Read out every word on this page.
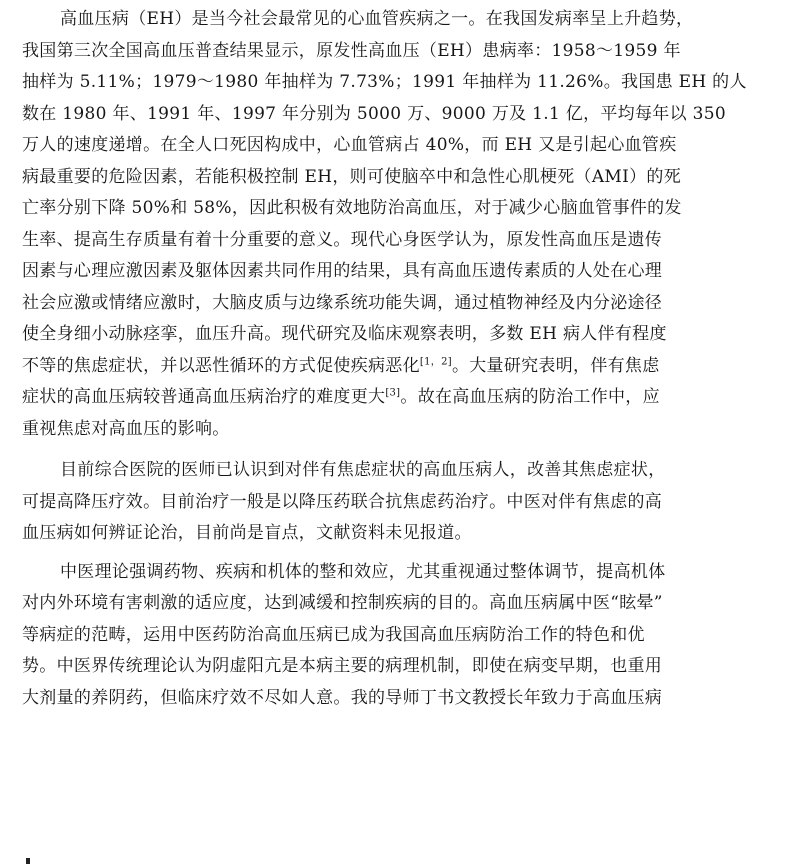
高血压病（EH）是当今社会最常见的心血管疾病之一。在我国发病率呈上升趋势，
我国第三次全国高血压普查结果显示，原发性高血压（EH）患病率：1958～1959 年
抽样为 5.11%；1979～1980 年抽样为 7.73%；1991 年抽样为 11.26%。我国患 EH 的人
数在 1980 年、1991 年、1997 年分别为 5000 万、9000 万及 1.1 亿，平均每年以 350
万人的速度递增。在全人口死因构成中，心血管病占 40%，而 EH 又是引起心血管疾
病最重要的危险因素，若能积极控制 EH，则可使脑卒中和急性心肌梗死（AMI）的死
亡率分别下降 50%和 58%，因此积极有效地防治高血压，对于减少心脑血管事件的发
生率、提高生存质量有着十分重要的意义。现代心身医学认为，原发性高血压是遗传
因素与心理应激因素及躯体因素共同作用的结果，具有高血压遗传素质的人处在心理
社会应激或情绪应激时，大脑皮质与边缘系统功能失调，通过植物神经及内分泌途径
使全身细小动脉痉挛，血压升高。现代研究及临床观察表明，多数 EH 病人伴有程度
不等的焦虑症状，并以恶性循环的方式促使疾病恶化[1，2]。大量研究表明，伴有焦虑
症状的高血压病较普通高血压病治疗的难度更大[3]。故在高血压病的防治工作中，应
重视焦虑对高血压的影响。

目前综合医院的医师已认识到对伴有焦虑症状的高血压病人，改善其焦虑症状，
可提高降压疗效。目前治疗一般是以降压药联合抗焦虑药治疗。中医对伴有焦虑的高
血压病如何辨证论治，目前尚是盲点，文献资料未见报道。

中医理论强调药物、疾病和机体的整和效应，尤其重视通过整体调节，提高机体
对内外环境有害刺激的适应度，达到减缓和控制疾病的目的。高血压病属中医“眩晕”
等病症的范畴，运用中医药防治高血压病已成为我国高血压病防治工作的特色和优
势。中医界传统理论认为阴虚阳亢是本病主要的病理机制，即使在病变早期，也重用
大剂量的养阴药，但临床疗效不尽如人意。我的导师丁书文教授长年致力于高血压病
